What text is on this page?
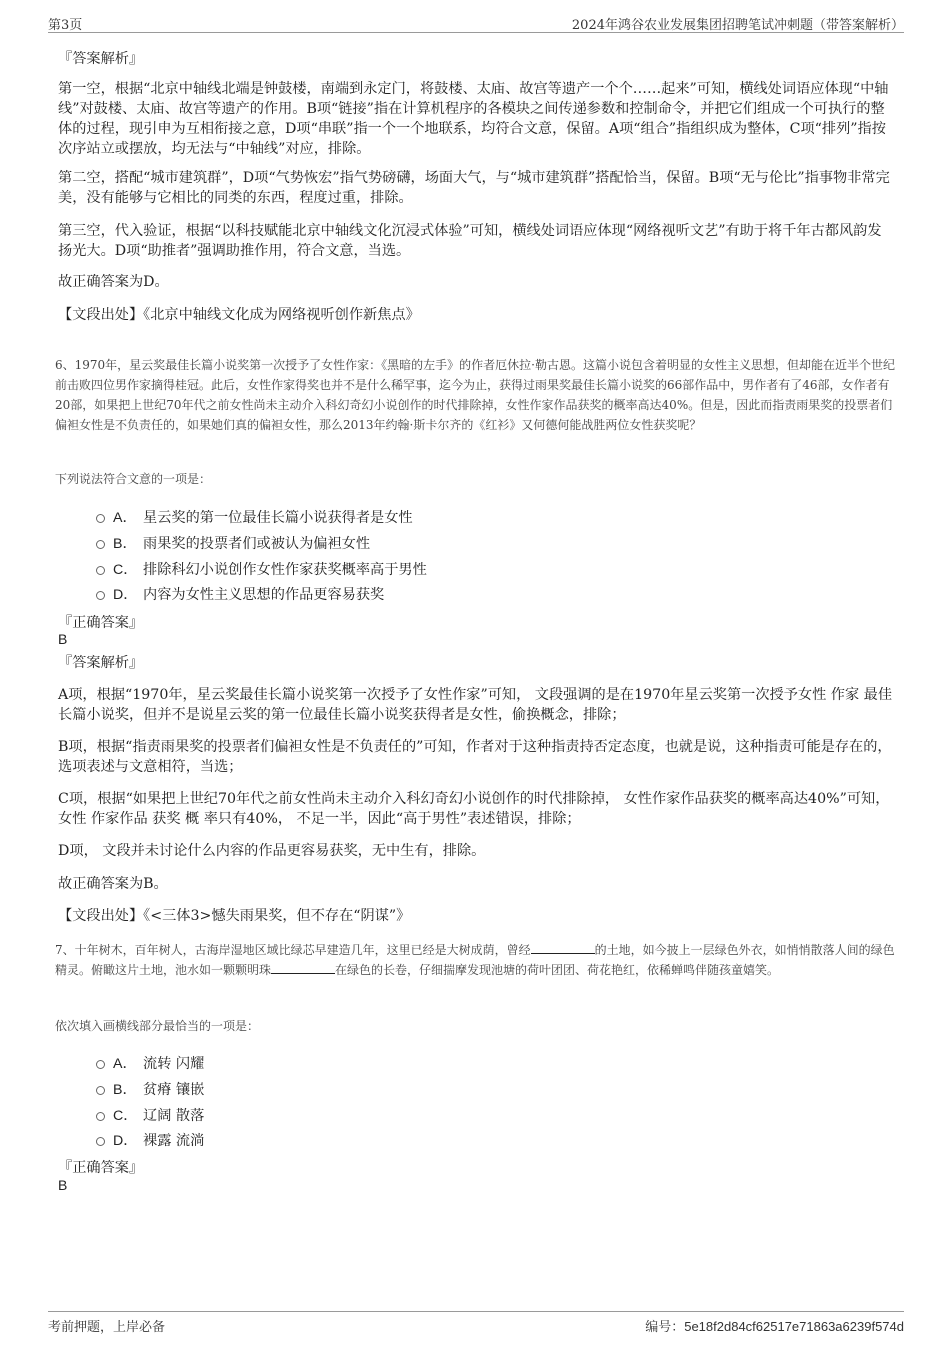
第3页	2024年鸿谷农业发展集团招聘笔试冲刺题（带答案解析）
『答案解析』

第一空，根据“北京中轴线北端是钟鼓楼，南端到永定门，将鼓楼、太庙、故宫等遗产一个个……起来”可知，横线处词语应体现“中轴线”对鼓楼、太庙、故宫等遗产的作用。B项“链接”指在计算机程序的各模块之间传递参数和控制命令，并把它们组成一个可执行的整体的过程，现引申为互相衔接之意，D项“串联”指一个一个地联系，均符合文意，保留。A项“组合”指组织成为整体，C项“排列”指按次序站立或摆放，均无法与“中轴线”对应，排除。

第二空，搭配“城市建筑群”，D项“气势恢宏”指气势磅礴，场面大气，与“城市建筑群”搭配恰当，保留。B项“无与伦比”指事物非常完美，没有能够与它相比的同类的东西，程度过重，排除。

第三空，代入验证，根据“以科技赋能北京中轴线文化沉浸式体验”可知，横线处词语应体现“网络视听文艺”有助于将千年古都风韵发扬光大。D项“助推者”强调助推作用，符合文意，当选。

故正确答案为D。

【文段出处】《北京中轴线文化成为网络视听创作新焦点》

6、1970年，星云奖最佳长篇小说奖第一次授予了女性作家：《黑暗的左手》的作者厄休拉·勒古恩。这篇小说包含着明显的女性主义思想，但却能在近半个世纪前击败四位男作家摘得桂冠。此后，女性作家得奖也并不是什么稀罕事，迄今为止，获得过雨果奖最佳长篇小说奖的66部作品中，男作者有了46部，女作者有20部，如果把上世纪70年代之前女性尚未主动介入科幻奇幻小说创作的时代排除掉，女性作家作品获奖的概率高达40%。但是，因此而指责雨果奖的投票者们偏袒女性是不负责任的，如果她们真的偏袒女性，那么2013年约翰·斯卡尔齐的《红衫》又何德何能战胜两位女性获奖呢？

下列说法符合文意的一项是：

A． 星云奖的第一位最佳长篇小说获得者是女性
B． 雨果奖的投票者们或被认为偏袒女性
C． 排除科幻小说创作女性作家获奖概率高于男性
D． 内容为女性主义思想的作品更容易获奖
『正确答案』
B
『答案解析』

A项，根据“1970年，星云奖最佳长篇小说奖第一次授予了女性作家”可知， 文段强调的是在1970年星云奖第一次授予女性 作家 最佳长篇小说奖，但并不是说星云奖的第一位最佳长篇小说奖获得者是女性，偷换概念，排除；

B项，根据“指责雨果奖的投票者们偏袒女性是不负责任的”可知，作者对于这种指责持否定态度，也就是说，这种指责可能是存在的，选项表述与文意相符，当选；

C项，根据“如果把上世纪70年代之前女性尚未主动介入科幻奇幻小说创作的时代排除掉， 女性作家作品获奖的概率高达40%”可知， 女性 作家作品 获奖 概 率只有40%， 不足一半，因此“高于男性”表述错误，排除；

D项， 文段并未讨论什么内容的作品更容易获奖，无中生有，排除。

故正确答案为B。

【文段出处】《<三体3>憾失雨果奖，但不存在“阴谋”》

7、十年树木，百年树人，古海岸湿地区域比绿芯早建造几年，这里已经是大树成荫，曾经	的土地，如今披上一层绿色外衣，如悄悄散落人间的绿色精灵。俯瞰这片土地，池水如一颗颗明珠	在绿色的长卷，仔细揣摩发现池塘的荷叶团团、荷花艳红，依稀蝉鸣伴随孩童嬉笑。

依次填入画横线部分最恰当的一项是：

A． 流转 闪耀
B． 贫瘠 镶嵌
C． 辽阔 散落
D． 裸露 流淌
『正确答案』
B
考前押题，上岸必备	编号：5e18f2d84cf62517e71863a6239f574d
